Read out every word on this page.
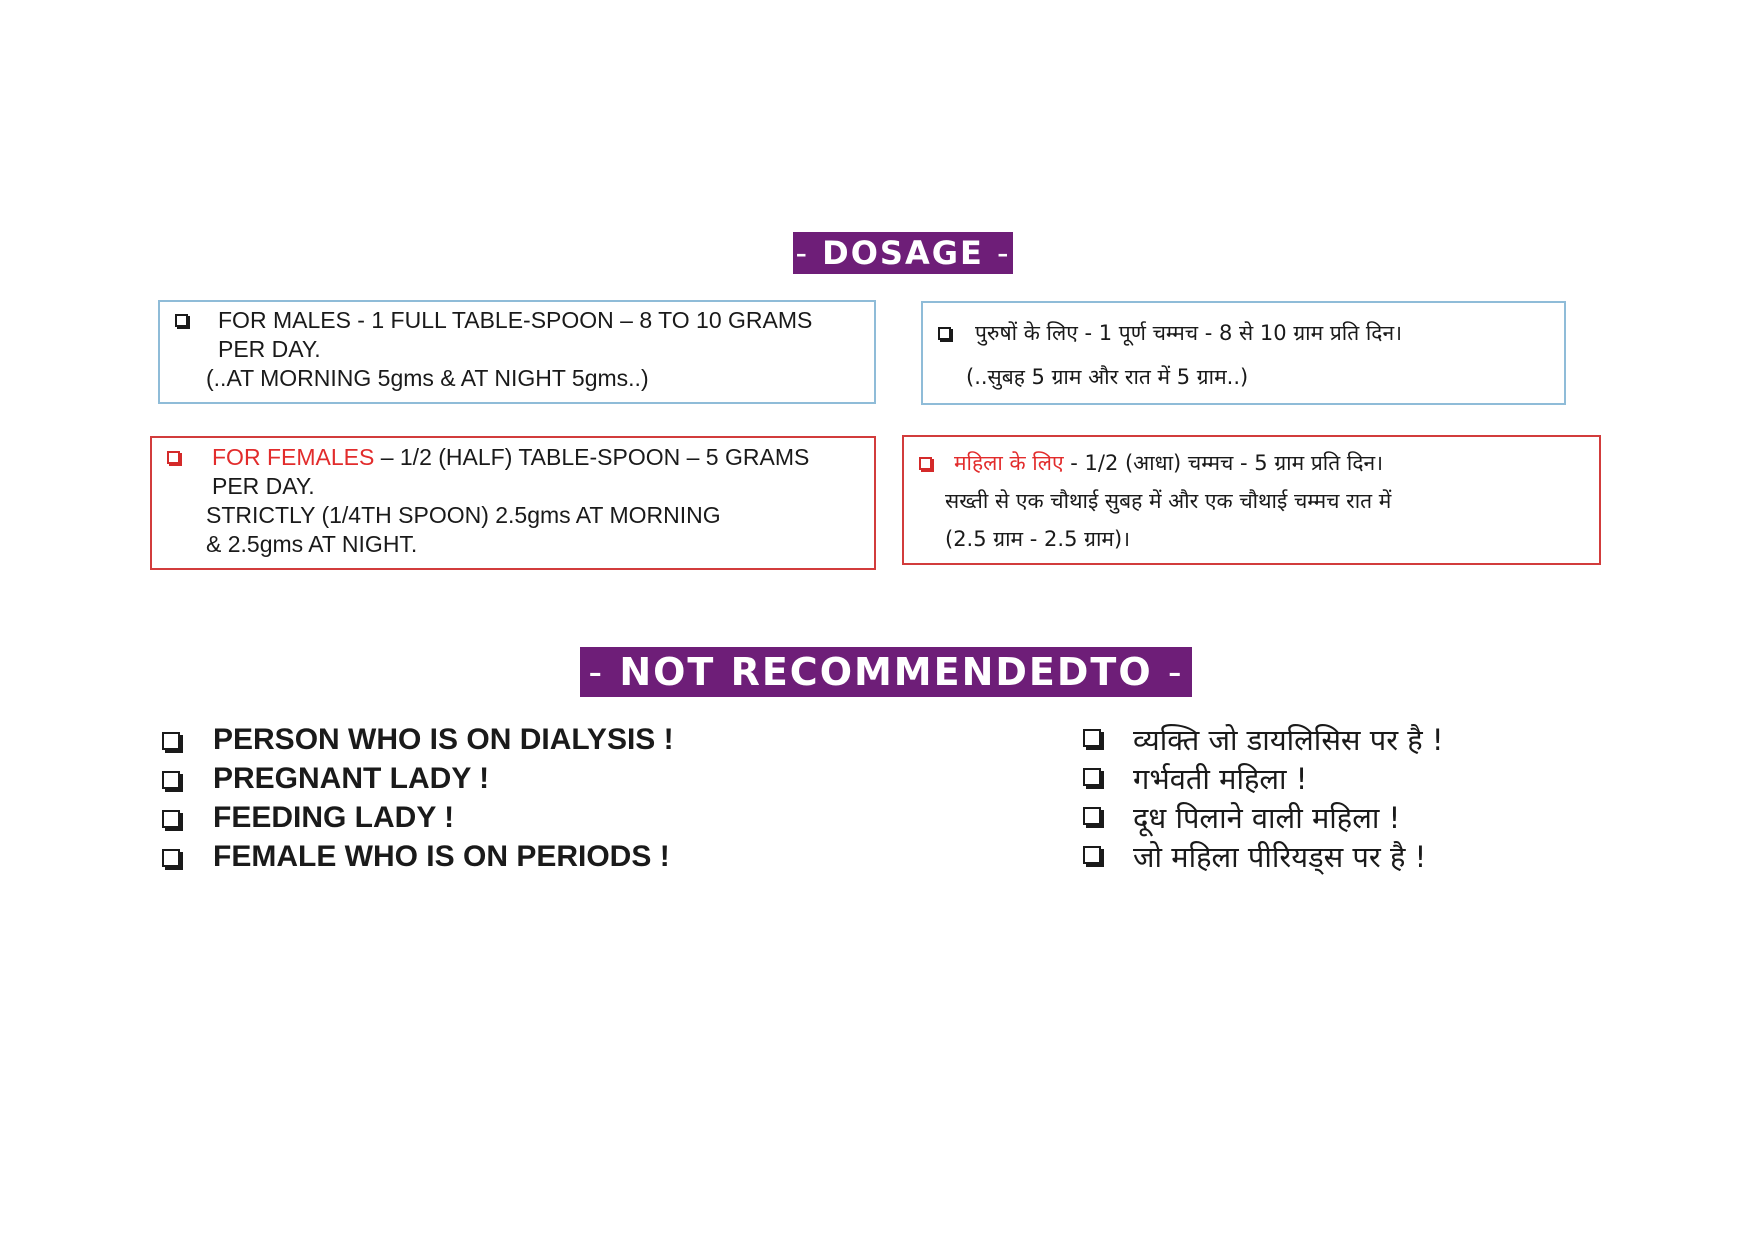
- DOSAGE -
FOR MALES - 1 FULL TABLE-SPOON – 8 TO 10 GRAMS
PER DAY.
(..AT MORNING 5gms & AT NIGHT 5gms..)
पुरुषों के लिए - 1 पूर्ण चम्मच - 8 से 10 ग्राम प्रति दिन।
(..सुबह 5 ग्राम और रात में 5 ग्राम..)
FOR FEMALES – 1/2 (HALF) TABLE-SPOON – 5 GRAMS
PER DAY.
STRICTLY (1/4TH SPOON) 2.5gms AT MORNING
& 2.5gms AT NIGHT.
महिला के लिए - 1/2 (आधा) चम्मच - 5 ग्राम प्रति दिन।
सख्ती से एक चौथाई सुबह में और एक चौथाई चम्मच रात में
(2.5 ग्राम - 2.5 ग्राम)।
- NOT RECOMMENDEDTO -
PERSON WHO IS ON DIALYSIS !
PREGNANT LADY !
FEEDING LADY !
FEMALE WHO IS ON PERIODS !
व्यक्ति जो डायलिसिस पर है !
गर्भवती महिला !
दूध पिलाने वाली महिला !
जो महिला पीरियड्स पर है !
